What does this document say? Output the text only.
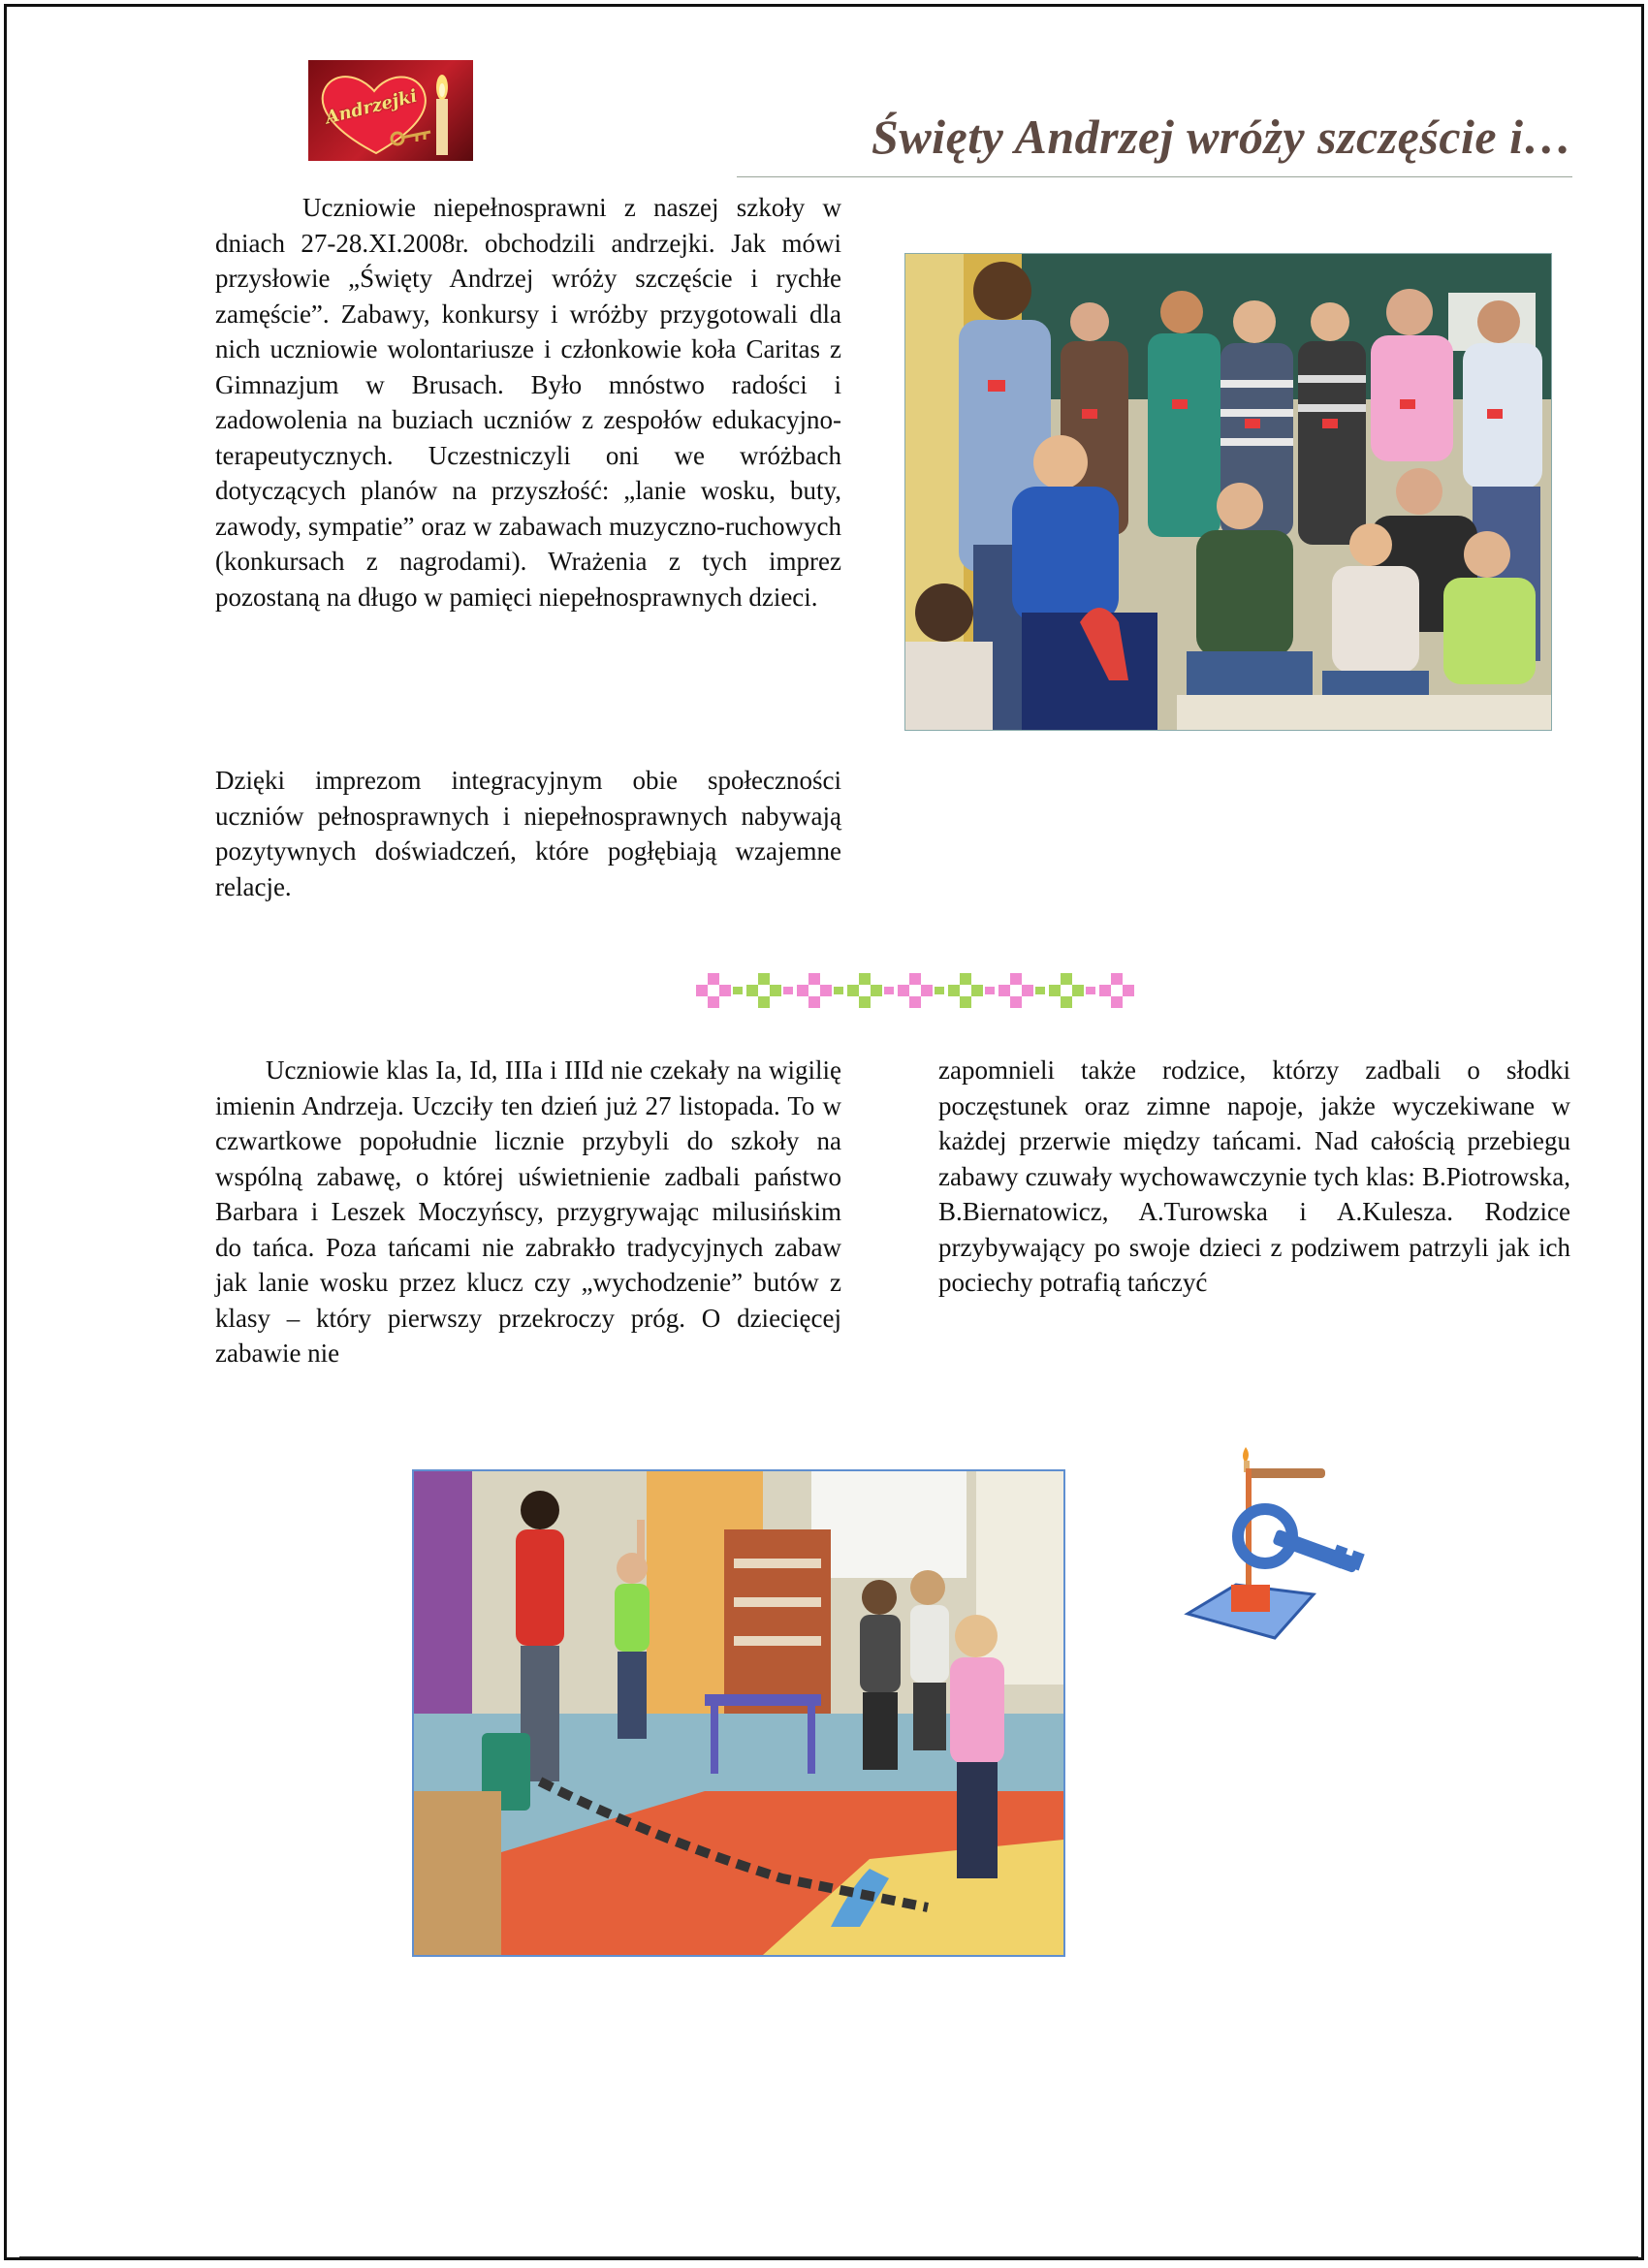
Andrzejki
Święty Andrzej wróży szczęście i…

Uczniowie niepełnosprawni z naszej szkoły w dniach 27-28.XI.2008r. obchodzili andrzejki. Jak mówi przysłowie „Święty Andrzej wróży szczęście i rychłe zamęście”. Zabawy, konkursy i wróżby przygotowali dla nich uczniowie wolontariusze i członkowie koła Caritas z Gimnazjum w Brusach. Było mnóstwo radości i zadowolenia na buziach uczniów z zespołów edukacyjno-terapeutycznych. Uczestniczyli oni we wróżbach dotyczących planów na przyszłość: „lanie wosku, buty, zawody, sympatie” oraz w zabawach muzyczno-ruchowych (konkursach z nagrodami). Wrażenia z tych imprez pozostaną na długo w pamięci niepełnosprawnych dzieci.

Dzięki imprezom integracyjnym obie społeczności uczniów pełnosprawnych i niepełnosprawnych nabywają pozytywnych doświadczeń, które pogłębiają wzajemne relacje.

Uczniowie klas Ia, Id, IIIa i IIId nie czekały na wigilię imienin Andrzeja. Uczciły ten dzień już 27 listopada. To w czwartkowe popołudnie licznie przybyli do szkoły na wspólną zabawę, o której uświetnienie zadbali państwo Barbara i Leszek Moczyńscy, przygrywając milusińskim do tańca. Poza tańcami nie zabrakło tradycyjnych zabaw jak lanie wosku przez klucz czy „wychodzenie” butów z klasy – który pierwszy przekroczy próg. O dziecięcej zabawie nie

zapomnieli także rodzice, którzy zadbali o słodki poczęstunek oraz zimne napoje, jakże wyczekiwane w każdej przerwie między tańcami. Nad całością przebiegu zabawy czuwały wychowawczynie tych klas: B.Piotrowska, B.Biernatowicz, A.Turowska i A.Kulesza. Rodzice przybywający po swoje dzieci z podziwem patrzyli jak ich pociechy potrafią tańczyć
